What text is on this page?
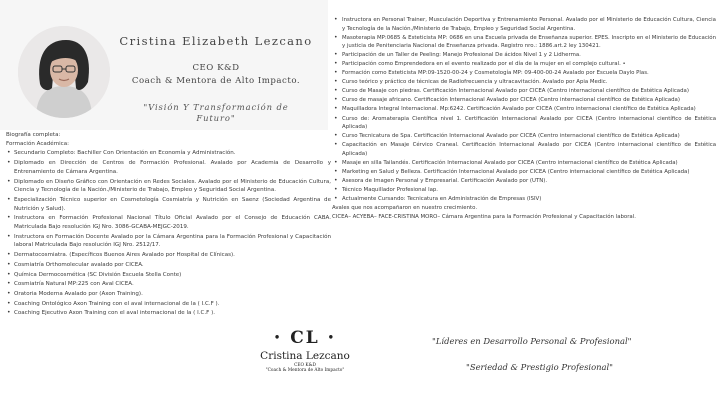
Cristina Elizabeth Lezcano
CEO K&D
Coach & Mentora de Alto Impacto.
"Visión Y Transformación de
Futuro"
Biografía completa:
Formación Académica:
• Secundario Completo: Bachiller Con Orientación en Economía y Administración.
• Diplomado en Dirección de Centros de Formación Profesional. Avalado por Academia de Desarrollo y Entrenamiento de Cámara Argentina.
• Diplomado en Diseño Gráfico con Orientación en Redes Sociales. Avalado por el Ministerio de Educación Cultura, Ciencia y Tecnología de la Nación./Ministerio de Trabajo, Empleo y Seguridad Social Argentina.
• Especialización Técnico superior en Cosmetología Cosmiatría y Nutrición en Saenz (Sociedad Argentina de Nutrición y Salud).
• Instructora en Formación Profesional Nacional Título Oficial Avalado por el Consejo de Educación CABA. Matriculada Bajo resolución IGJ Nro. 3086-GCABA-MEJGC-2019.
• Instructora en Formación Docente Avalado por la Cámara Argentina para la Formación Profesional y Capacitación laboral Matriculada Bajo resolución IGJ Nro. 2512/17.
• Dermatocosmiatra. (Específicos Buenos Aires Avalado por Hospital de Clínicas).
• Cosmiatría Orthomolecular avalado por CICEA.
• Química Dermocosmética (SC División Escuela Stella Conte)
• Cosmiatría Natural MP:225 con Aval CICEA.
• Oratoria Moderna Avalado por (Axon Training).
• Coaching Ontológico Axon Training con el aval internacional de la ( I.C.F ).
• Coaching Ejecutivo Axon Training con el aval internacional de la ( I.C.F ).
• Instructora en Personal Trainer, Musculación Deportiva y Entrenamiento Personal. Avalado por el Ministerio de Educación Cultura, Ciencia y Tecnología de la Nación./Ministerio de Trabajo, Empleo y Seguridad Social Argentina.
• Masoterapia MP:0685 & Esteticista MP: 0686 en una Escuela privada de Enseñanza superior. EPES. Inscripto en el Ministerio de Educación y justicia de Penitenciaria Nacional de Enseñanza privada. Registro nro.: 1886.art.2 ley 130421.
• Participación de un Taller de Peeling: Manejo Profesional De ácidos Nivel 1 y 2 Lidherma.
• Participación como Emprendedora en el evento realizado por el día de la mujer en el complejo cultural. •
• Formación como Esteticista MP:09-1520-00-24 y Cosmetología MP: 09-400-00-24 Avalado por Escuela Daylo Plas.
• Curso teórico y práctico de técnicas de Radiofrecuencia y ultracavitación. Avalado por Apia Medic.
• Curso de Masaje con piedras. Certificación Internacional Avalado por CICEA (Centro internacional científico de Estética Aplicada)
• Curso de masaje africano. Certificación Internacional Avalado por CICEA (Centro internacional científico de Estética Aplicada)
• Maquilladora Integral Internacional. Mp:6242. Certificación Avalado por CICEA (Centro internacional científico de Estética Aplicada)
• Curso de: Aromaterapia Científica nivel 1. Certificación Internacional Avalado por CICEA (Centro internacional científico de Estética Aplicada)
• Curso Tecnicatura de Spa. Certificación Internacional Avalado por CICEA (Centro internacional científico de Estética Aplicada)
• Capacitación en Masaje Cérvico Craneal. Certificación Internacional Avalado por CICEA (Centro internacional científico de Estética Aplicada)
• Masaje en silla Tailandés. Certificación Internacional Avalado por CICEA (Centro internacional científico de Estética Aplicada)
• Marketing en Salud y Belleza. Certificación Internacional Avalado por CICEA (Centro internacional científico de Estética Aplicada)
• Asesora de Imagen Personal y Empresarial. Certificación Avalado por (UTN).
• Técnico Maquillador Profesional lap.
• Actualmente Cursando: Tecnicatura en Administración de Empresas (ISIV)
Avales que nos acompañaron en nuestro crecimiento.
CICEA– ACYEBA– FACE-CRISTINA MORO– Cámara Argentina para la Formación Profesional y Capacitación laboral.
• CL •
Cristina Lezcano
CEO K&D
"Coach & Mentora de Alto Impacto"
"Líderes en Desarrollo Personal & Profesional"
"Seriedad & Prestigio Profesional"
